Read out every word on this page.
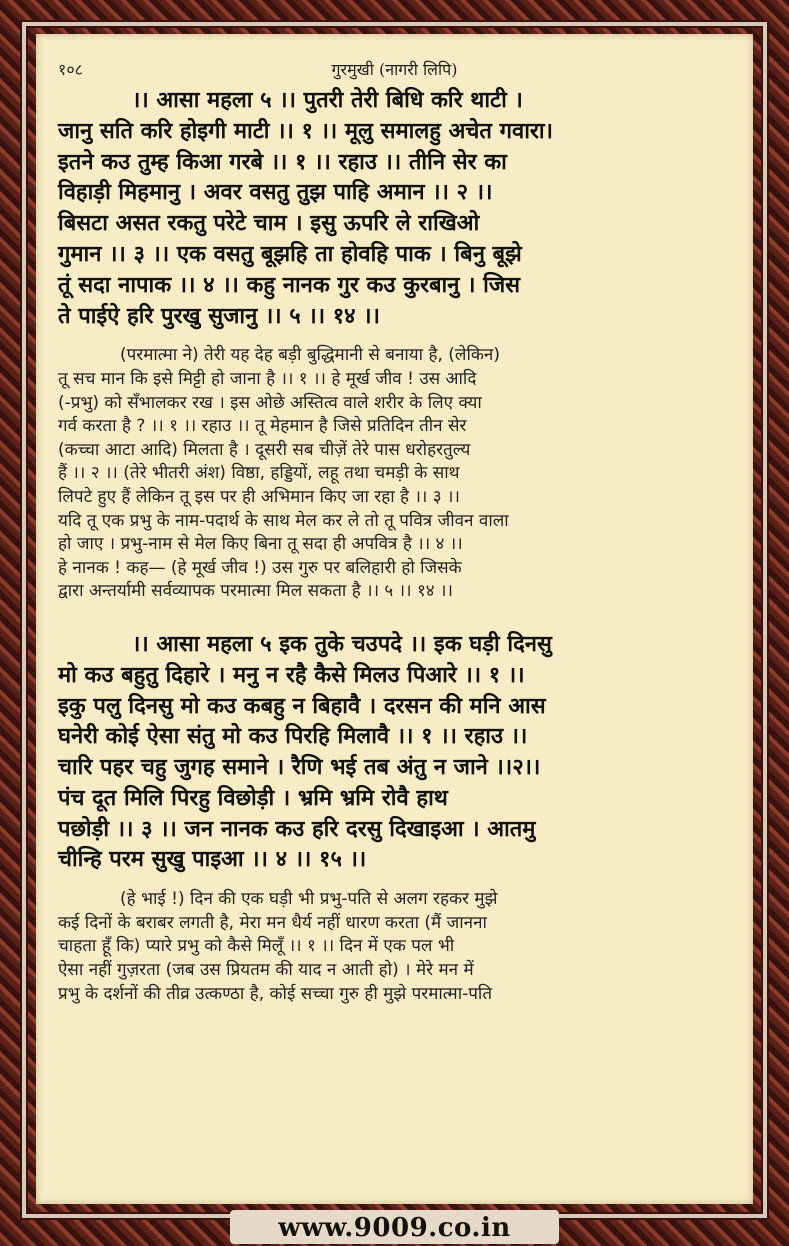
१०८	गुरमुखी (नागरी लिपि)

।। आसा महला ५ ।। पुतरी तेरी बिधि करि थाटी ।

जानु सति करि होइगी माटी ।। १ ।। मूलु समालहु अचेत गवारा।

इतने कउ तुम्ह किआ गरबे ।। १ ।। रहाउ ।। तीनि सेर का

विहाड़ी मिहमानु । अवर वसतु तुझ पाहि अमान ।। २ ।।

बिसटा असत रकतु परेटे चाम । इसु ऊपरि ले राखिओ

गुमान ।। ३ ।। एक वसतु बूझहि ता होवहि पाक । बिनु बूझे

तूं सदा नापाक ।। ४ ।। कहु नानक गुर कउ कुरबानु । जिस

ते पाईऐ हरि पुरखु सुजानु ।। ५ ।। १४ ।।

(परमात्मा ने) तेरी यह देह बड़ी बुद्धिमानी से बनाया है, (लेकिन)

तू सच मान कि इसे मिट्टी हो जाना है ।। १ ।। हे मूर्ख जीव ! उस आदि

(-प्रभु) को सँभालकर रख । इस ओछे अस्तित्व वाले शरीर के लिए क्या

गर्व करता है ? ।। १ ।। रहाउ ।। तू मेहमान है जिसे प्रतिदिन तीन सेर

(कच्चा आटा आदि) मिलता है । दूसरी सब चीज़ें तेरे पास धरोहरतुल्य

हैं ।। २ ।। (तेरे भीतरी अंश) विष्ठा, हड्डियों, लहू तथा चमड़ी के साथ

लिपटे हुए हैं लेकिन तू इस पर ही अभिमान किए जा रहा है ।। ३ ।।

यदि तू एक प्रभु के नाम-पदार्थ के साथ मेल कर ले तो तू पवित्र जीवन वाला

हो जाए । प्रभु-नाम से मेल किए बिना तू सदा ही अपवित्र है ।। ४ ।।

हे नानक ! कह— (हे मूर्ख जीव !) उस गुरु पर बलिहारी हो जिसके

द्वारा अन्तर्यामी सर्वव्यापक परमात्मा मिल सकता है ।। ५ ।। १४ ।।

।। आसा महला ५ इक तुके चउपदे ।। इक घड़ी दिनसु

मो कउ बहुतु दिहारे । मनु न रहै कैसे मिलउ पिआरे ।। १ ।।

इकु पलु दिनसु मो कउ कबहु न बिहावै । दरसन की मनि आस

घनेरी कोई ऐसा संतु मो कउ पिरहि मिलावै ।। १ ।। रहाउ ।।

चारि पहर चहु जुगह समाने । रैणि भई तब अंतु न जाने ।।२।।

पंच दूत मिलि पिरहु विछोड़ी । भ्रमि भ्रमि रोवै हाथ

पछोड़ी ।। ३ ।। जन नानक कउ हरि दरसु दिखाइआ । आतमु

चीन्हि परम सुखु पाइआ ।। ४ ।। १५ ।।

(हे भाई !) दिन की एक घड़ी भी प्रभु-पति से अलग रहकर मुझे

कई दिनों के बराबर लगती है, मेरा मन धैर्य नहीं धारण करता (मैं जानना

चाहता हूँ कि) प्यारे प्रभु को कैसे मिलूँ ।। १ ।। दिन में एक पल भी

ऐसा नहीं गुज़रता (जब उस प्रियतम की याद न आती हो) । मेरे मन में

प्रभु के दर्शनों की तीव्र उत्कण्ठा है, कोई सच्चा गुरु ही मुझे परमात्मा-पति

www.9009.co.in
